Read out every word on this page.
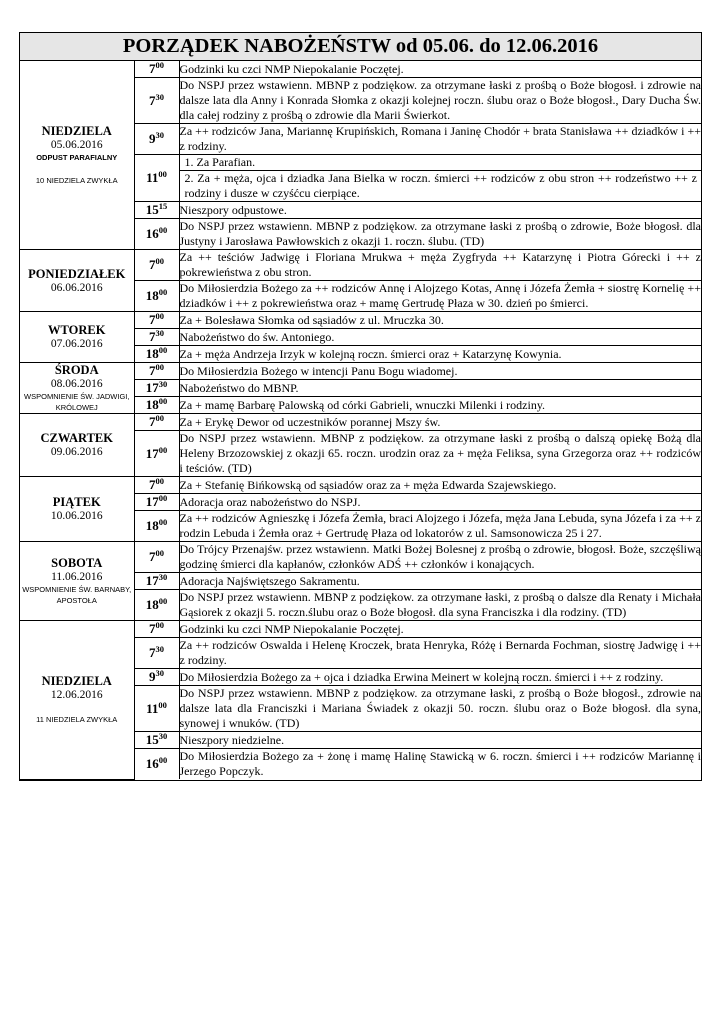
PORZĄDEK NABOŻEŃSTW od 05.06. do 12.06.2016
NIEDZIELA
05.06.2016
ODPUST PARAFIALNY
10 NIEDZIELA ZWYKŁA	$7^{00}$	Godzinki ku czci NMP Niepokalanie Poczętej.
	$7^{30}$	Do NSPJ przez wstawienn. MBNP z podziękow. za otrzymane łaski z prośbą o Boże błogosł. i zdrowie na dalsze lata dla Anny i Konrada Słomka z okazji kolejnej roczn. ślubu oraz o Boże błogosł., Dary Ducha Św. dla całej rodziny z prośbą o zdrowie dla Marii Świerkot.
	$9^{30}$	Za ++ rodziców Jana, Mariannę Krupińskich, Romana i Janinę Chodór + brata Stanisława ++ dziadków i ++ z rodziny.
	$11^{00}$	1. Za Parafian.
2. Za + męża, ojca i dziadka Jana Bielka w roczn. śmierci ++ rodziców z obu stron ++ rodzeństwo ++ z rodziny i dusze w czyśćcu cierpiące.

	$15^{15}$	Nieszpory odpustowe.
	$16^{00}$	Do NSPJ przez wstawienn. MBNP z podziękow. za otrzymane łaski z prośbą o zdrowie, Boże błogosł. dla Justyny i Jarosława Pawłowskich z okazji 1. roczn. ślubu. (TD)

PONIEDZIAŁEK
06.06.2016	$7^{00}$	Za ++ teściów Jadwigę i Floriana Mrukwa + męża Zygfryda ++ Katarzynę i Piotra Górecki i ++ z pokrewieństwa z obu stron.
	$18^{00}$	Do Miłosierdzia Bożego za ++ rodziców Annę i Alojzego Kotas, Annę i Józefa Żemła + siostrę Kornelię ++ dziadków i ++ z pokrewieństwa oraz + mamę Gertrudę Płaza w 30. dzień po śmierci.

WTOREK
07.06.2016	$7^{00}$	Za + Bolesława Słomka od sąsiadów z ul. Mruczka 30.
	$7^{30}$	Nabożeństwo do św. Antoniego.
	$18^{00}$	Za + męża Andrzeja Irzyk w kolejną roczn. śmierci oraz + Katarzynę Kowynia.

ŚRODA
08.06.2016
WSPOMNIENIE ŚW. JADWIGI, KRÓLOWEJ	$7^{00}$	Do Miłosierdzia Bożego w intencji Panu Bogu wiadomej.
	$17^{30}$	Nabożeństwo do MBNP.
	$18^{00}$	Za + mamę Barbarę Palowską od córki Gabrieli, wnuczki Milenki i rodziny.

CZWARTEK
09.06.2016	$7^{00}$	Za + Erykę Dewor od uczestników porannej Mszy św.
	$17^{00}$	Do NSPJ przez wstawienn. MBNP z podziękow. za otrzymane łaski z prośbą o dalszą opiekę Bożą dla Heleny Brzozowskiej z okazji 65. roczn. urodzin oraz za + męża Feliksa, syna Grzegorza oraz ++ rodziców i teściów. (TD)

PIĄTEK
10.06.2016	$7^{00}$	Za + Stefanię Bińkowską od sąsiadów oraz za + męża Edwarda Szajewskiego.
	$17^{00}$	Adoracja oraz nabożeństwo do NSPJ.
	$18^{00}$	Za ++ rodziców Agnieszkę i Józefa Żemła, braci Alojzego i Józefa, męża Jana Lebuda, syna Józefa i za ++ z rodzin Lebuda i Żemła oraz + Gertrudę Płaza od lokatorów z ul. Samsonowicza 25 i 27.

SOBOTA
11.06.2016
WSPOMNIENIE ŚW. BARNABY, APOSTOŁA	$7^{00}$	Do Trójcy Przenajśw. przez wstawienn. Matki Bożej Bolesnej z prośbą o zdrowie, błogosł. Boże, szczęśliwą godzinę śmierci dla kapłanów, członków ADŚ ++ członków i konających.
	$17^{30}$	Adoracja Najświętszego Sakramentu.
	$18^{00}$	Do NSPJ przez wstawienn. MBNP z podziękow. za otrzymane łaski, z prośbą o dalsze dla Renaty i Michała Gąsiorek z okazji 5. roczn.ślubu oraz o Boże błogosł. dla syna Franciszka i dla rodziny. (TD)

NIEDZIELA
12.06.2016
11 NIEDZIELA ZWYKŁA	$7^{00}$	Godzinki ku czci NMP Niepokalanie Poczętej.
	$7^{30}$	Za ++ rodziców Oswalda i Helenę Kroczek, brata Henryka, Różę i Bernarda Fochman, siostrę Jadwigę i ++ z rodziny.
	$9^{30}$	Do Miłosierdzia Bożego za + ojca i dziadka Erwina Meinert w kolejną roczn. śmierci i ++ z rodziny.
	$11^{00}$	Do NSPJ przez wstawienn. MBNP z podziękow. za otrzymane łaski, z prośbą o Boże błogosł., zdrowie na dalsze lata dla Franciszki i Mariana Świadek z okazji 50. roczn. ślubu oraz o Boże błogosł. dla syna, synowej i wnuków. (TD)
	$15^{30}$	Nieszpory niedzielne.
	$16^{00}$	Do Miłosierdzia Bożego za + żonę i mamę Halinę Stawicką w 6. roczn. śmierci i ++ rodziców Mariannę i Jerzego Popczyk.
